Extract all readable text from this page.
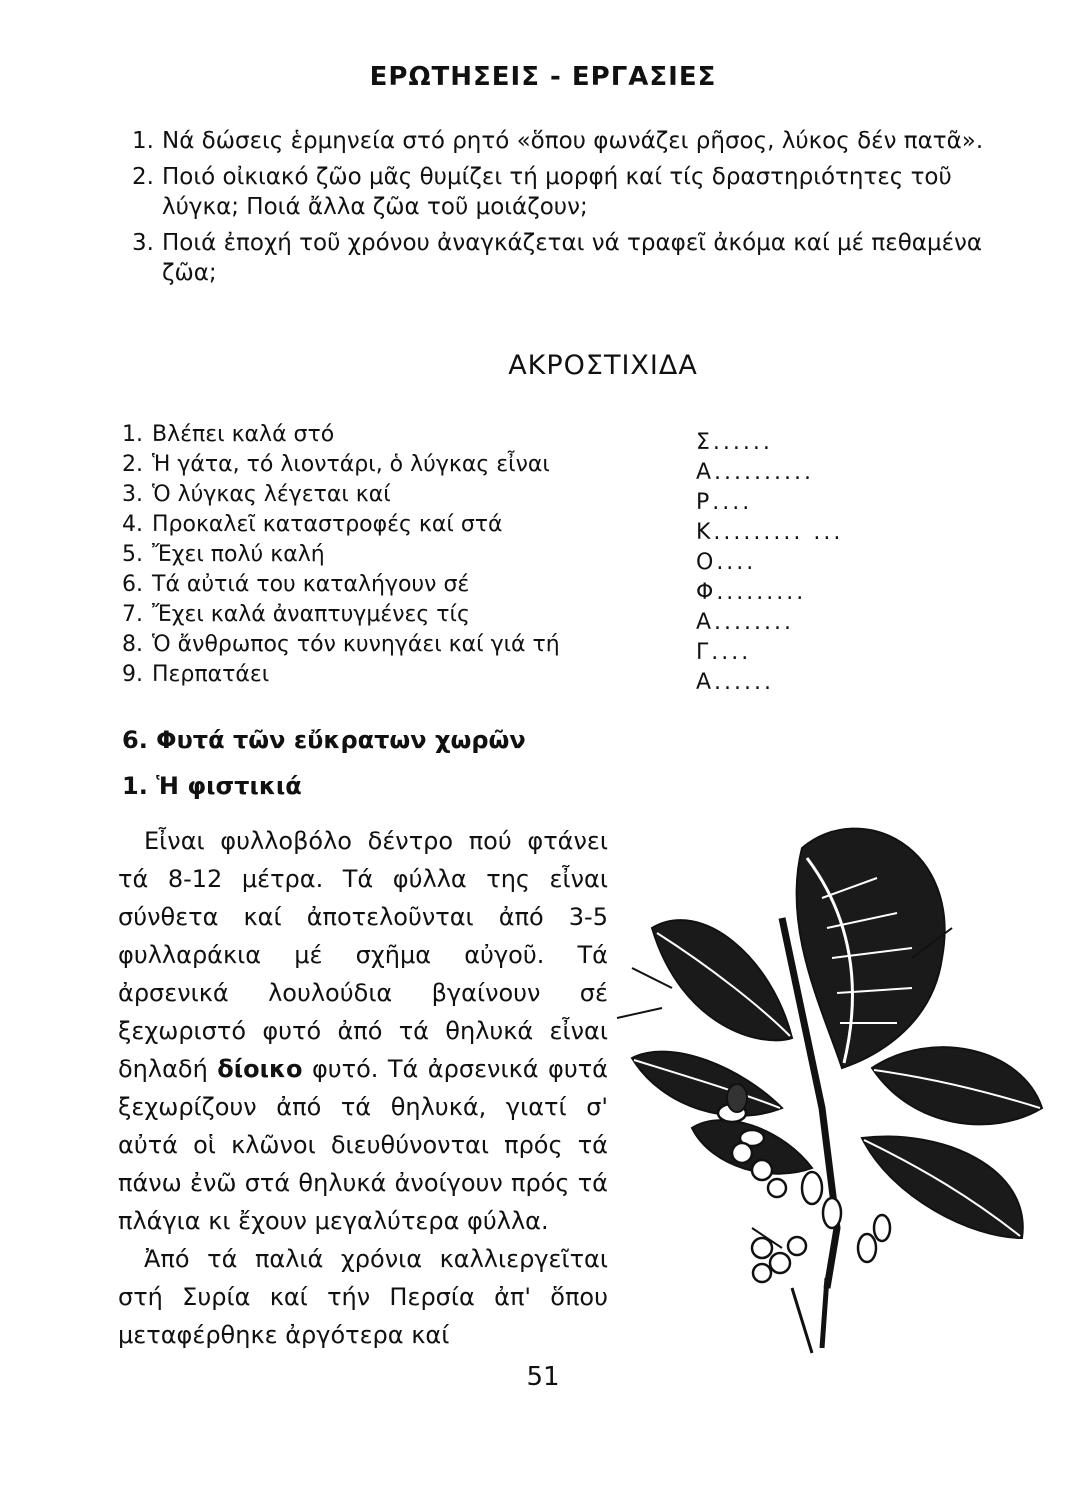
ΕΡΩΤΗΣΕΙΣ - ΕΡΓΑΣΙΕΣ
1. Νά δώσεις ἑρμηνεία στό ρητό «ὅπου φωνάζει ρῆσος, λύκος δέν πατᾶ».
2. Ποιό οἰκιακό ζῶο μᾶς θυμίζει τή μορφή καί τίς δραστηριότητες τοῦ λύγκα; Ποιά ἄλλα ζῶα τοῦ μοιάζουν;
3. Ποιά ἐποχή τοῦ χρόνου ἀναγκάζεται νά τραφεῖ ἀκόμα καί μέ πεθαμένα ζῶα;
ΑΚΡΟΣΤΙΧΙΔΑ
1. Βλέπει καλά στό
2. Ἡ γάτα, τό λιοντάρι, ὁ λύγκας εἶναι
3. Ὁ λύγκας λέγεται καί
4. Προκαλεῖ καταστροφές καί στά
5. Ἔχει πολύ καλή
6. Τά αὐτιά του καταλήγουν σέ
7. Ἔχει καλά ἀναπτυγμένες τίς
8. Ὁ ἄνθρωπος τόν κυνηγάει καί γιά τή
9. Περπατάει
Σ......
Α..........
Ρ....
Κ......... ...
Ο....
Φ.........
Α........
Γ....
Α......
6. Φυτά τῶν εὔκρατων χωρῶν
1. Ἡ φιστικιά

Εἶναι φυλλοβόλο δέντρο πού φτάνει τά 8-12 μέτρα. Τά φύλλα της εἶναι σύνθετα καί ἀποτελοῦνται ἀπό 3-5 φυλλαράκια μέ σχῆμα αὐγοῦ. Τά ἀρσενικά λουλούδια βγαίνουν σέ ξεχωριστό φυτό ἀπό τά θηλυκά εἶναι δηλαδή δίοικο φυτό. Τά ἀρσενικά φυτά ξεχωρίζουν ἀπό τά θηλυκά, γιατί σ' αὐτά οἱ κλῶνοι διευθύνονται πρός τά πάνω ἐνῶ στά θηλυκά ἀνοίγουν πρός τά πλάγια κι ἔχουν μεγαλύτερα φύλλα.

Ἀπό τά παλιά χρόνια καλλιεργεῖται στή Συρία καί τήν Περσία ἀπ' ὅπου μεταφέρθηκε ἀργότερα καί

51
